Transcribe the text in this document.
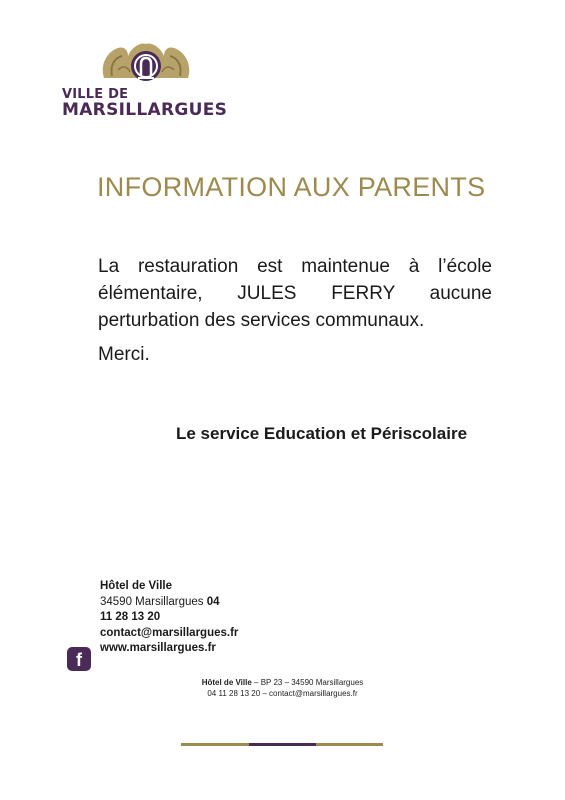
VILLE DE
MARSILLARGUES
INFORMATION AUX PARENTS

La restauration est maintenue à l’école élémentaire, JULES FERRY aucune perturbation des services communaux.

Merci.

Le service Education et Périscolaire
Hôtel de Ville
34590 Marsillargues 04
11 28 13 20
contact@marsillargues.fr
www.marsillargues.fr
f
Hôtel de Ville – BP 23 – 34590 Marsillargues
04 11 28 13 20 – contact@marsillargues.fr
